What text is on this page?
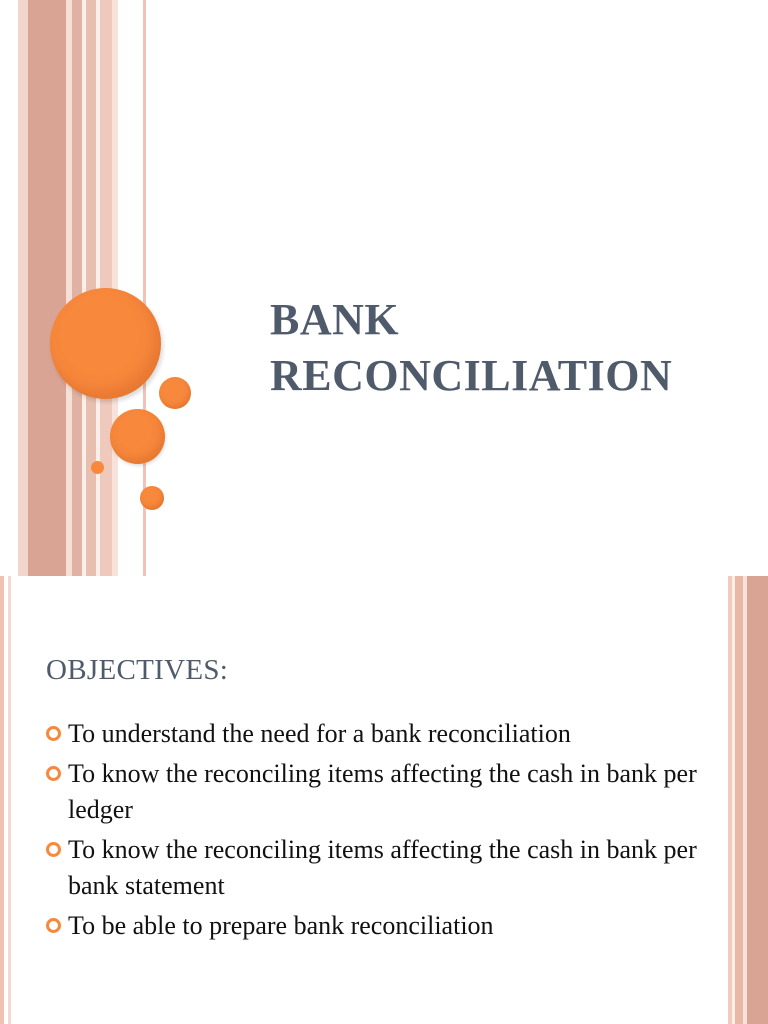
BANK
RECONCILIATION
OBJECTIVES:
To understand the need for a bank reconciliation
To know the reconciling items affecting the cash in bank per ledger
To know the reconciling items affecting the cash in bank per bank statement
To be able to prepare bank reconciliation
